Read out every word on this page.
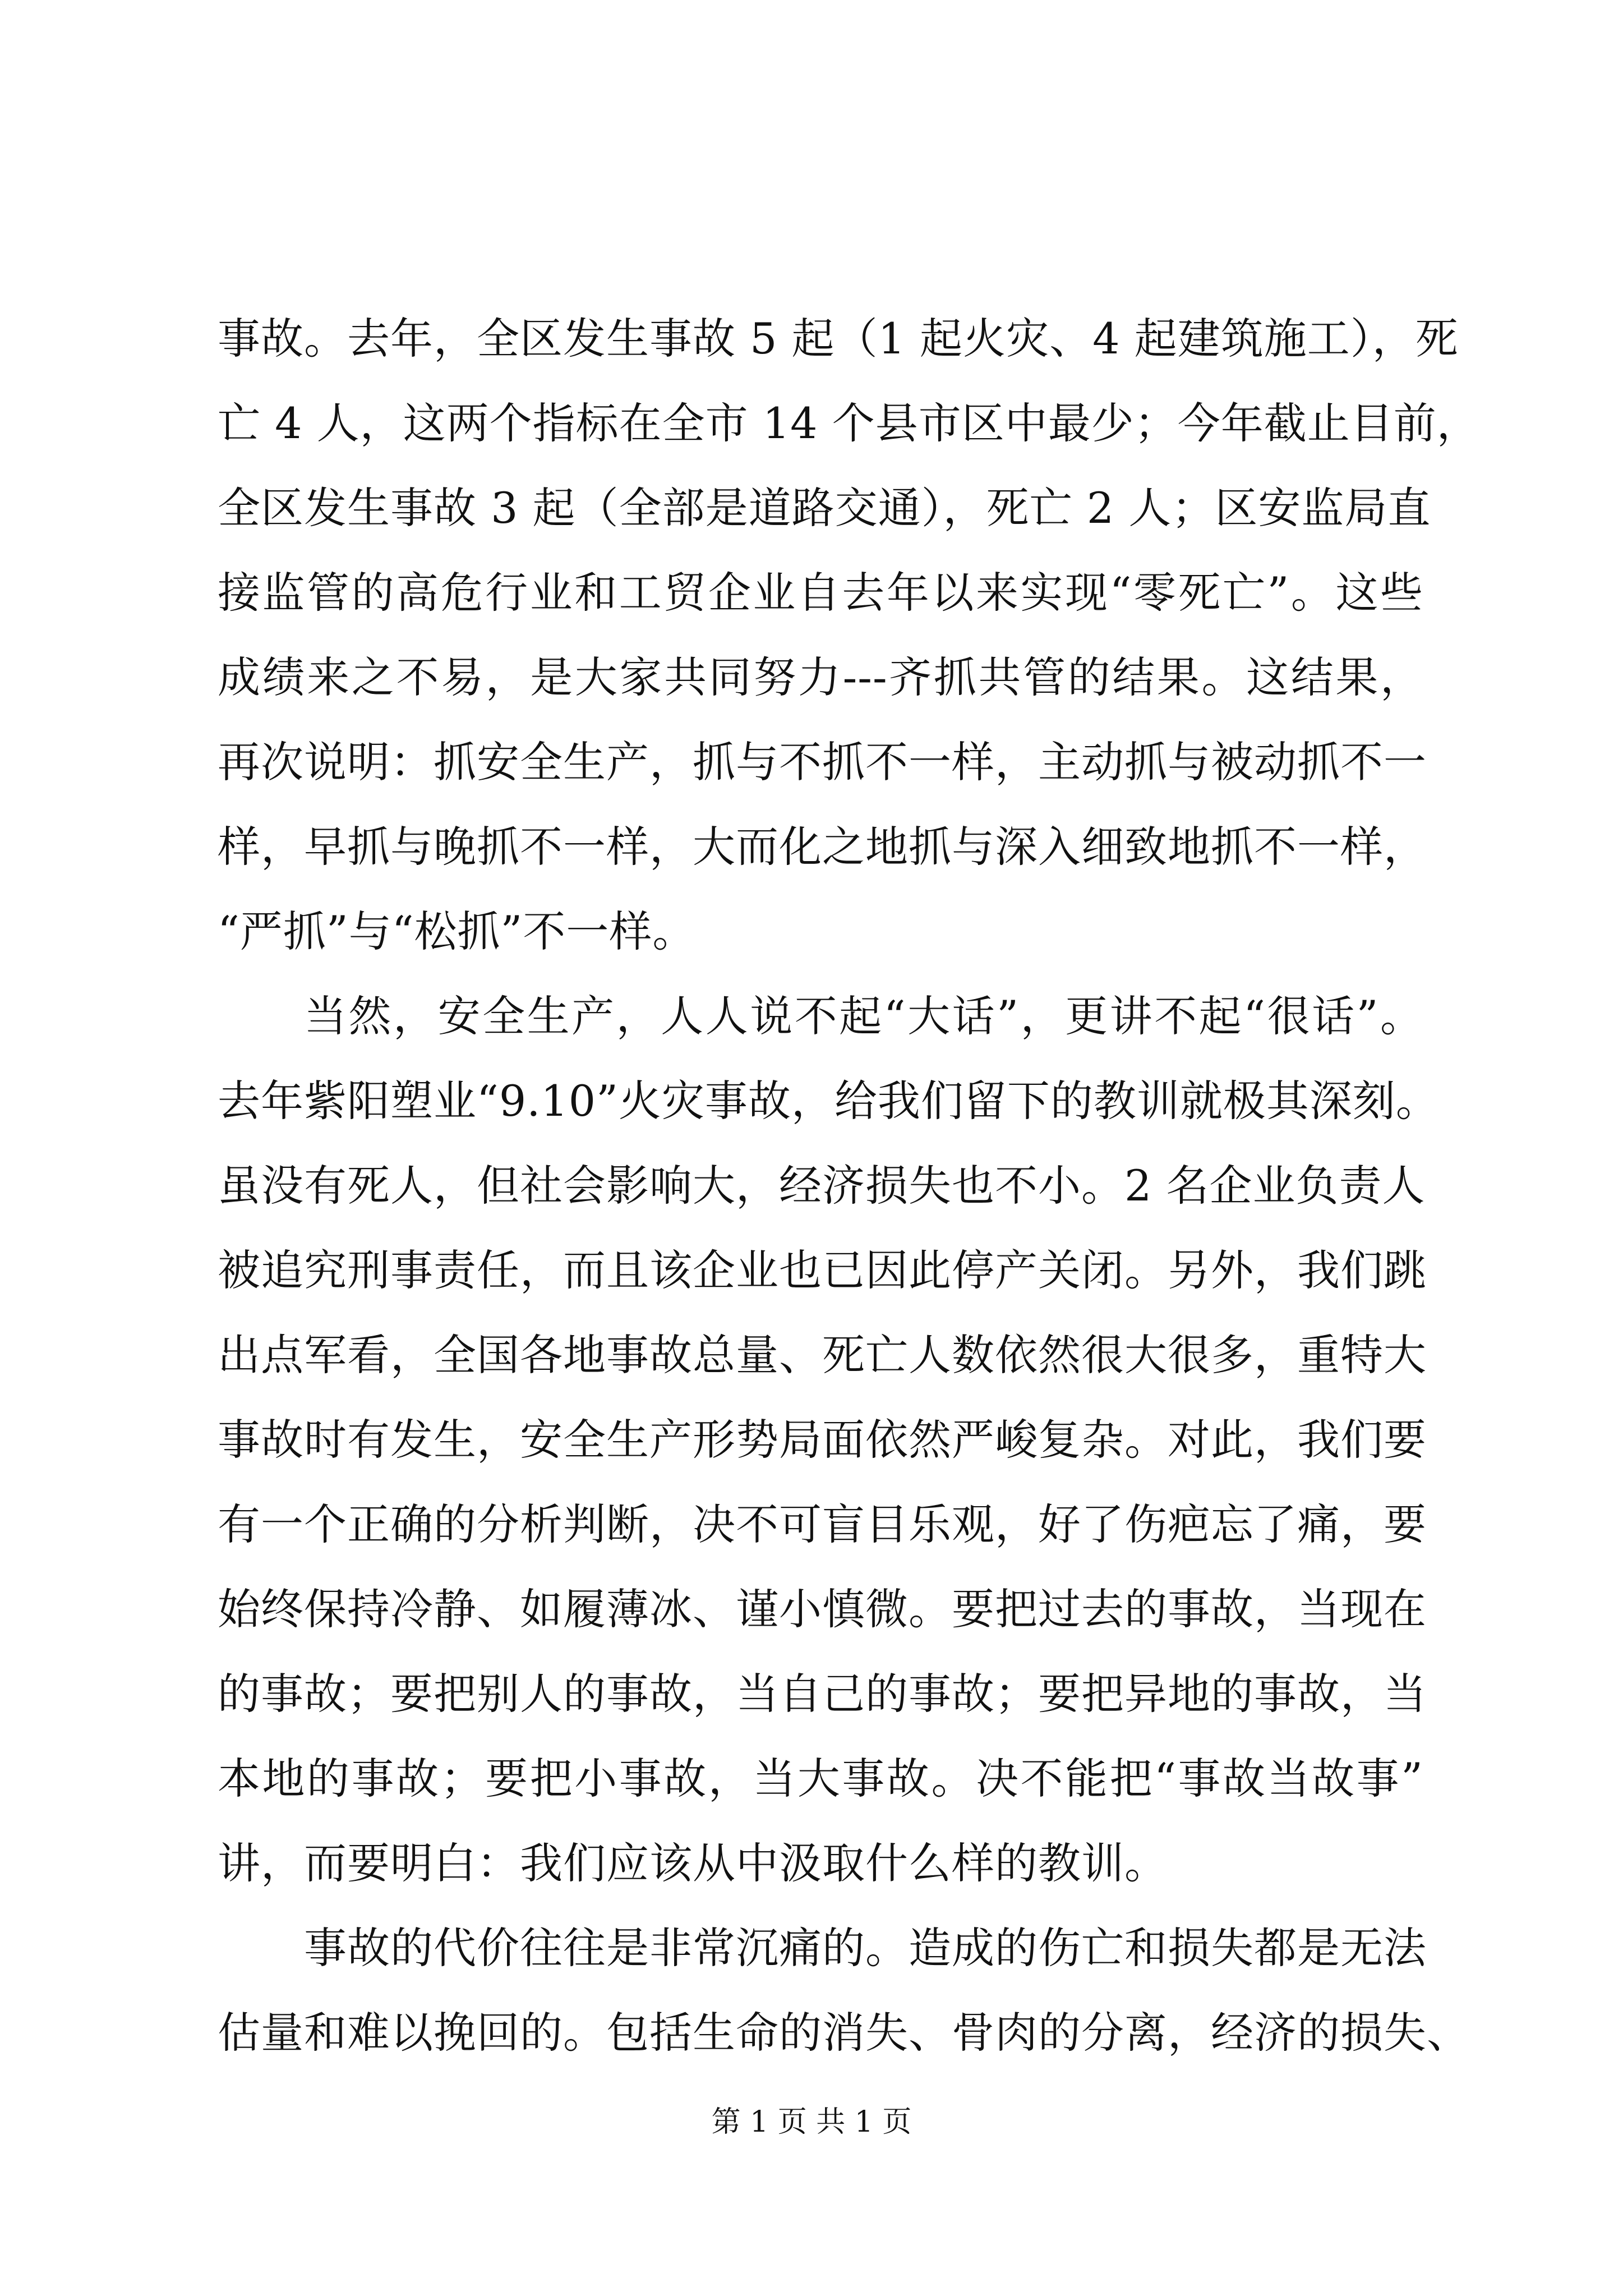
事故。去年，全区发生事故 5 起（1 起火灾、4 起建筑施工），死
亡 4 人，这两个指标在全市 14 个县市区中最少；今年截止目前，
全区发生事故 3 起（全部是道路交通），死亡 2 人；区安监局直
接监管的高危行业和工贸企业自去年以来实现“零死亡”。这些
成绩来之不易，是大家共同努力---齐抓共管的结果。这结果，
再次说明：抓安全生产，抓与不抓不一样，主动抓与被动抓不一
样，早抓与晚抓不一样，大而化之地抓与深入细致地抓不一样，
“严抓”与“松抓”不一样。
当然，安全生产，人人说不起“大话”，更讲不起“很话”。
去年紫阳塑业“9.10”火灾事故，给我们留下的教训就极其深刻。
虽没有死人，但社会影响大，经济损失也不小。2 名企业负责人
被追究刑事责任，而且该企业也已因此停产关闭。另外，我们跳
出点军看，全国各地事故总量、死亡人数依然很大很多，重特大
事故时有发生，安全生产形势局面依然严峻复杂。对此，我们要
有一个正确的分析判断，决不可盲目乐观，好了伤疤忘了痛，要
始终保持冷静、如履薄冰、谨小慎微。要把过去的事故，当现在
的事故；要把别人的事故，当自己的事故；要把异地的事故，当
本地的事故；要把小事故，当大事故。决不能把“事故当故事”
讲，而要明白：我们应该从中汲取什么样的教训。
事故的代价往往是非常沉痛的。造成的伤亡和损失都是无法
估量和难以挽回的。包括生命的消失、骨肉的分离，经济的损失、
第 1 页 共 1 页
